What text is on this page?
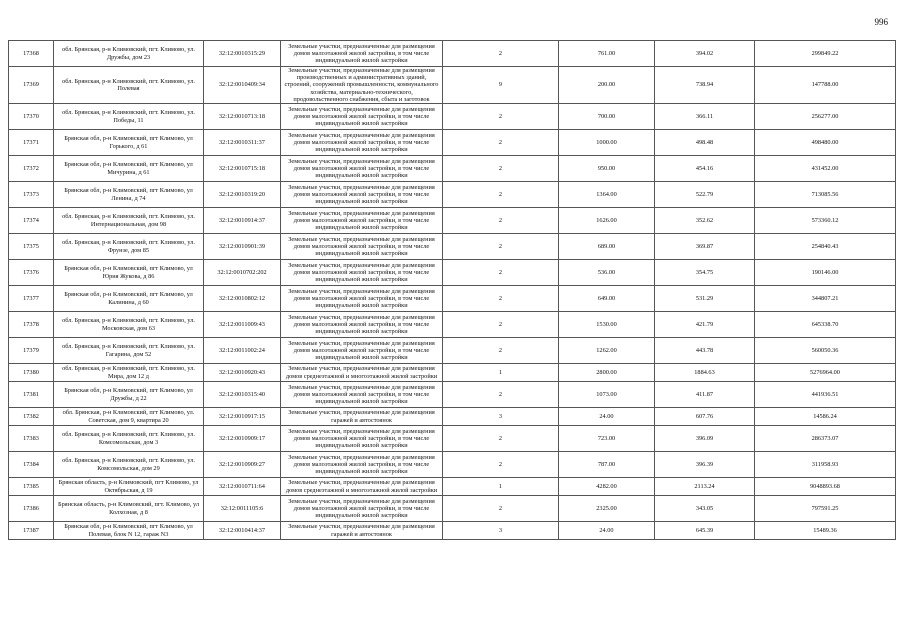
996
17368	обл. Брянская, р-н Климовский, пгт. Климово, ул. Дружбы, дом 23	32:12:0010315:29	Земельные участки, предназначенные для размещения домов малоэтажной жилой застройки, в том числе индивидуальной жилой застройки	2	761.00	394.02	299849.22
17369	обл. Брянская, р-н Климовский, пгт. Климово, ул. Полевая	32:12:0010409:34	Земельные участки, предназначенные для размещения производственных и административных зданий, строений, сооружений промышленности, коммунального хозяйства, материально-технического, продовольственного снабжения, сбыта и заготовок	9	200.00	738.94	147788.00
17370	обл. Брянская, р-н Климовский, пгт. Климово, ул. Победы, 11	32:12:0010713:18	Земельные участки, предназначенные для размещения домов малоэтажной жилой застройки, в том числе индивидуальной жилой застройки	2	700.00	366.11	256277.00
17371	Брянская обл, р-н Климовский, пгт Климово, ул Горького, д 61	32:12:0010311:37	Земельные участки, предназначенные для размещения домов малоэтажной жилой застройки, в том числе индивидуальной жилой застройки	2	1000.00	498.48	498480.00
17372	Брянская обл, р-н Климовский, пгт Климово, ул Мичурина, д 61	32:12:0010715:18	Земельные участки, предназначенные для размещения домов малоэтажной жилой застройки, в том числе индивидуальной жилой застройки	2	950.00	454.16	431452.00
17373	Брянская обл, р-н Климовский, пгт Климово, ул Ленина, д 74	32:12:0010319:20	Земельные участки, предназначенные для размещения домов малоэтажной жилой застройки, в том числе индивидуальной жилой застройки	2	1364.00	522.79	713085.56
17374	обл. Брянская, р-н Климовский, пгт. Климово, ул. Интернациональная, дом 98	32:12:0010914:37	Земельные участки, предназначенные для размещения домов малоэтажной жилой застройки, в том числе индивидуальной жилой застройки	2	1626.00	352.62	573360.12
17375	обл. Брянская, р-н Климовский, пгт. Климово, ул. Фрунзе, дом 85	32:12:0010901:39	Земельные участки, предназначенные для размещения домов малоэтажной жилой застройки, в том числе индивидуальной жилой застройки	2	689.00	369.87	254840.43
17376	Брянская обл, р-н Климовский, пгт Климово, ул Юрия Жукова, д 86	32:12:0010702:202	Земельные участки, предназначенные для размещения домов малоэтажной жилой застройки, в том числе индивидуальной жилой застройки	2	536.00	354.75	190146.00
17377	Брянская обл, р-н Климовский, пгт Климово, ул Калинина, д 60	32:12:0010802:12	Земельные участки, предназначенные для размещения домов малоэтажной жилой застройки, в том числе индивидуальной жилой застройки	2	649.00	531.29	344807.21
17378	обл. Брянская, р-н Климовский, пгт. Климово, ул. Московская, дом 63	32:12:0011009:43	Земельные участки, предназначенные для размещения домов малоэтажной жилой застройки, в том числе индивидуальной жилой застройки	2	1530.00	421.79	645338.70
17379	обл. Брянская, р-н Климовский, пгт. Климово, ул. Гагарина, дом 52	32:12:0011002:24	Земельные участки, предназначенные для размещения домов малоэтажной жилой застройки, в том числе индивидуальной жилой застройки	2	1262.00	443.78	560050.36
17380	обл. Брянская, р-н Климовский, пгт. Климово, ул. Мира, дом 12 д	32:12:0010920:43	Земельные участки, предназначенные для размещения домов среднеэтажной и многоэтажной жилой застройки	1	2800.00	1884.63	5276964.00
17381	Брянская обл, р-н Климовский, пгт Климово, ул Дружбы, д 22	32:12:0010315:40	Земельные участки, предназначенные для размещения домов малоэтажной жилой застройки, в том числе индивидуальной жилой застройки	2	1073.00	411.87	441936.51
17382	обл. Брянская, р-н Климовский, пгт Климово, ул. Советская, дом 9, квартира 20	32:12:0010917:15	Земельные участки, предназначенные для размещения гаражей и автостоянок	3	24.00	607.76	14586.24
17383	обл. Брянская, р-н Климовский, пгт. Климово, ул. Комсомольская, дом 3	32:12:0010909:17	Земельные участки, предназначенные для размещения домов малоэтажной жилой застройки, в том числе индивидуальной жилой застройки	2	723.00	396.09	286373.07
17384	обл. Брянская, р-н Климовский, пгт. Климово, ул. Комсомольская, дом 29	32:12:0010909:27	Земельные участки, предназначенные для размещения домов малоэтажной жилой застройки, в том числе индивидуальной жилой застройки	2	787.00	396.39	311958.93
17385	Брянская область, р-н Климовский, пгт Климово, ул Октябрьская, д 19	32:12:0010711:64	Земельные участки, предназначенные для размещения домов среднеэтажной и многоэтажной жилой застройки	1	4282.00	2113.24	9048893.68
17386	Брянская область, р-н Климовский, пгт. Климово, ул Колхозная, д 8	32:12:0011105:6	Земельные участки, предназначенные для размещения домов малоэтажной жилой застройки, в том числе индивидуальной жилой застройки	2	2325.00	343.05	797591.25
17387	Брянская обл, р-н Климовский, пгт Климово, ул Полевая, блок N 12, гараж N3	32:12:0010414:37	Земельные участки, предназначенные для размещения гаражей и автостоянок	3	24.00	645.39	15489.36
